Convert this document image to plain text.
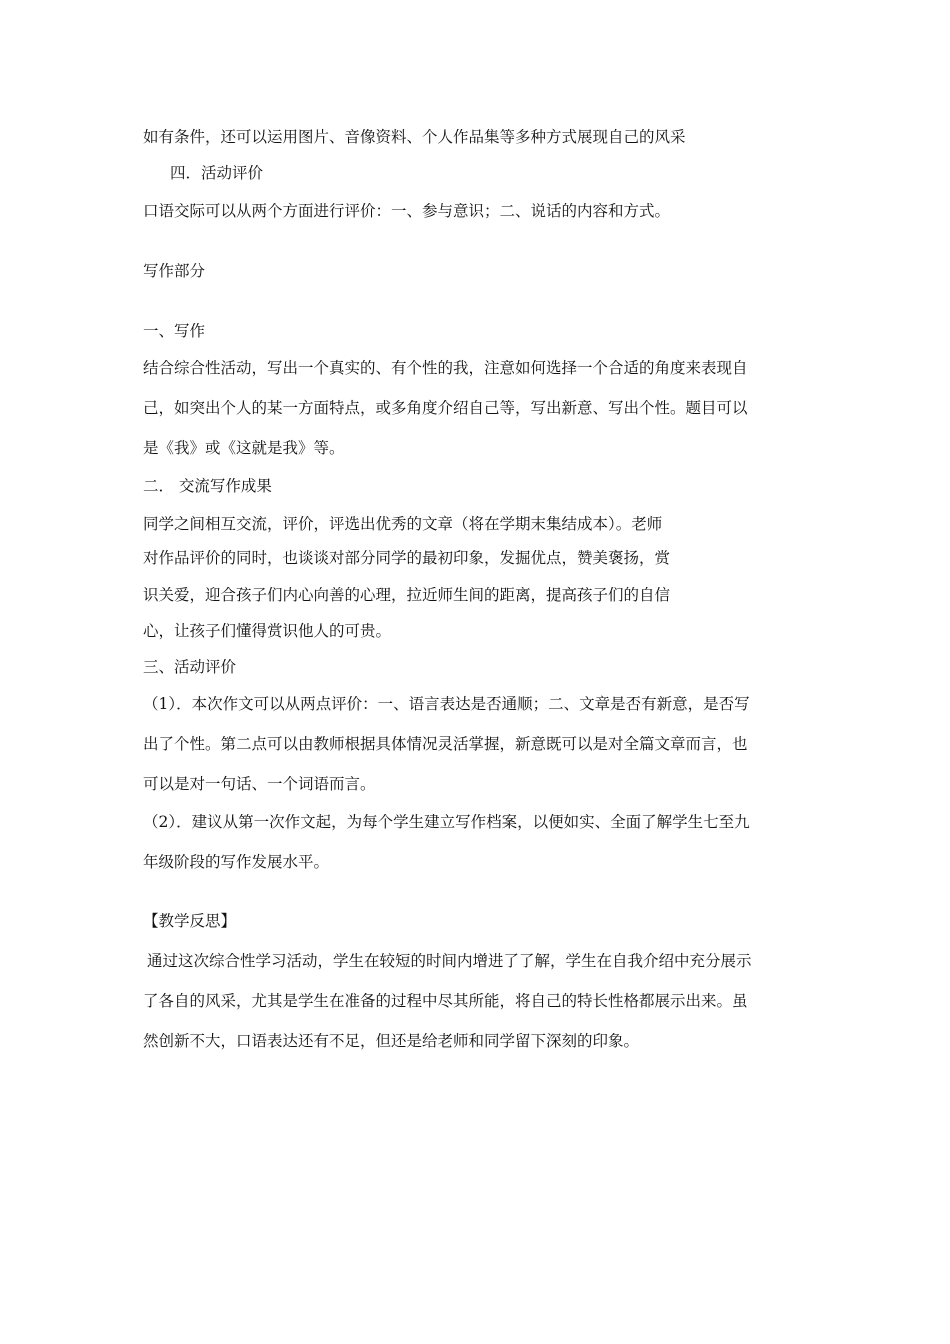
如有条件，还可以运用图片、音像资料、个人作品集等多种方式展现自己的风采

四．活动评价

口语交际可以从两个方面进行评价：一、参与意识；二、说话的内容和方式。

写作部分

一、写作

结合综合性活动，写出一个真实的、有个性的我，注意如何选择一个合适的角度来表现自

己，如突出个人的某一方面特点，或多角度介绍自己等，写出新意、写出个性。题目可以

是《我》或《这就是我》等。

二． 交流写作成果

同学之间相互交流，评价，评选出优秀的文章（将在学期末集结成本）。老师

对作品评价的同时，也谈谈对部分同学的最初印象，发掘优点，赞美褒扬，赏

识关爱，迎合孩子们内心向善的心理，拉近师生间的距离，提高孩子们的自信

心，让孩子们懂得赏识他人的可贵。

三、活动评价

（1）．本次作文可以从两点评价：一、语言表达是否通顺；二、文章是否有新意，是否写

出了个性。第二点可以由教师根据具体情况灵活掌握，新意既可以是对全篇文章而言，也

可以是对一句话、一个词语而言。

（2）．建议从第一次作文起，为每个学生建立写作档案，以便如实、全面了解学生七至九

年级阶段的写作发展水平。

【教学反思】

通过这次综合性学习活动，学生在较短的时间内增进了了解，学生在自我介绍中充分展示

了各自的风采，尤其是学生在准备的过程中尽其所能，将自己的特长性格都展示出来。虽

然创新不大，口语表达还有不足，但还是给老师和同学留下深刻的印象。
